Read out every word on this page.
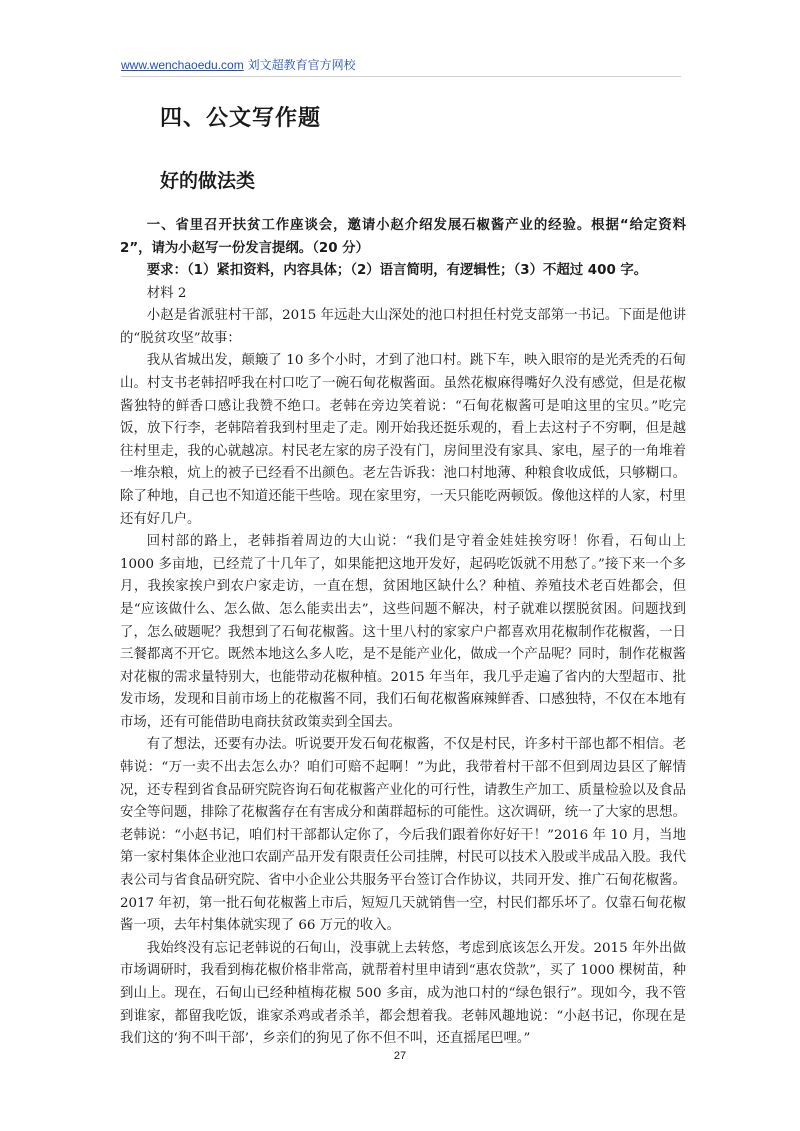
www.wenchaoedu.com 刘文超教育官方网校
四、公文写作题
好的做法类

一、省里召开扶贫工作座谈会，邀请小赵介绍发展石椒酱产业的经验。根据“给定资料 2”，请为小赵写一份发言提纲。（20 分）

要求：（1）紧扣资料，内容具体；（2）语言简明，有逻辑性；（3）不超过 400 字。

材料 2

小赵是省派驻村干部，2015 年远赴大山深处的池口村担任村党支部第一书记。下面是他讲的“脱贫攻坚”故事：

我从省城出发，颠簸了 10 多个小时，才到了池口村。跳下车，映入眼帘的是光秃秃的石甸山。村支书老韩招呼我在村口吃了一碗石甸花椒酱面。虽然花椒麻得嘴好久没有感觉，但是花椒酱独特的鲜香口感让我赞不绝口。老韩在旁边笑着说：“石甸花椒酱可是咱这里的宝贝。”吃完饭，放下行李，老韩陪着我到村里走了走。刚开始我还挺乐观的，看上去这村子不穷啊，但是越往村里走，我的心就越凉。村民老左家的房子没有门，房间里没有家具、家电，屋子的一角堆着一堆杂粮，炕上的被子已经看不出颜色。老左告诉我：池口村地薄、种粮食收成低，只够糊口。除了种地，自己也不知道还能干些啥。现在家里穷，一天只能吃两顿饭。像他这样的人家，村里还有好几户。

回村部的路上，老韩指着周边的大山说：“我们是守着金娃娃挨穷呀！你看，石甸山上 1000 多亩地，已经荒了十几年了，如果能把这地开发好，起码吃饭就不用愁了。”接下来一个多月，我挨家挨户到农户家走访，一直在想，贫困地区缺什么？种植、养殖技术老百姓都会，但是“应该做什么、怎么做、怎么能卖出去”，这些问题不解决，村子就难以摆脱贫困。问题找到了，怎么破题呢？我想到了石甸花椒酱。这十里八村的家家户户都喜欢用花椒制作花椒酱，一日三餐都离不开它。既然本地这么多人吃，是不是能产业化，做成一个产品呢？同时，制作花椒酱对花椒的需求量特别大，也能带动花椒种植。2015 年当年，我几乎走遍了省内的大型超市、批发市场，发现和目前市场上的花椒酱不同，我们石甸花椒酱麻辣鲜香、口感独特，不仅在本地有市场，还有可能借助电商扶贫政策卖到全国去。

有了想法，还要有办法。听说要开发石甸花椒酱，不仅是村民，许多村干部也都不相信。老韩说：“万一卖不出去怎么办？咱们可赔不起啊！”为此，我带着村干部不但到周边县区了解情况，还专程到省食品研究院咨询石甸花椒酱产业化的可行性，请教生产加工、质量检验以及食品安全等问题，排除了花椒酱存在有害成分和菌群超标的可能性。这次调研，统一了大家的思想。老韩说：“小赵书记，咱们村干部都认定你了，今后我们跟着你好好干！”2016 年 10 月，当地第一家村集体企业池口农副产品开发有限责任公司挂牌，村民可以技术入股或半成品入股。我代表公司与省食品研究院、省中小企业公共服务平台签订合作协议，共同开发、推广石甸花椒酱。2017 年初，第一批石甸花椒酱上市后，短短几天就销售一空，村民们都乐坏了。仅靠石甸花椒酱一项，去年村集体就实现了 66 万元的收入。

我始终没有忘记老韩说的石甸山，没事就上去转悠，考虑到底该怎么开发。2015 年外出做市场调研时，我看到梅花椒价格非常高，就帮着村里申请到“惠农贷款”，买了 1000 棵树苗，种到山上。现在，石甸山已经种植梅花椒 500 多亩，成为池口村的“绿色银行”。现如今，我不管到谁家，都留我吃饭，谁家杀鸡或者杀羊，都会想着我。老韩风趣地说：“小赵书记，你现在是我们这的‘狗不叫干部’，乡亲们的狗见了你不但不叫，还直摇尾巴哩。”

27
